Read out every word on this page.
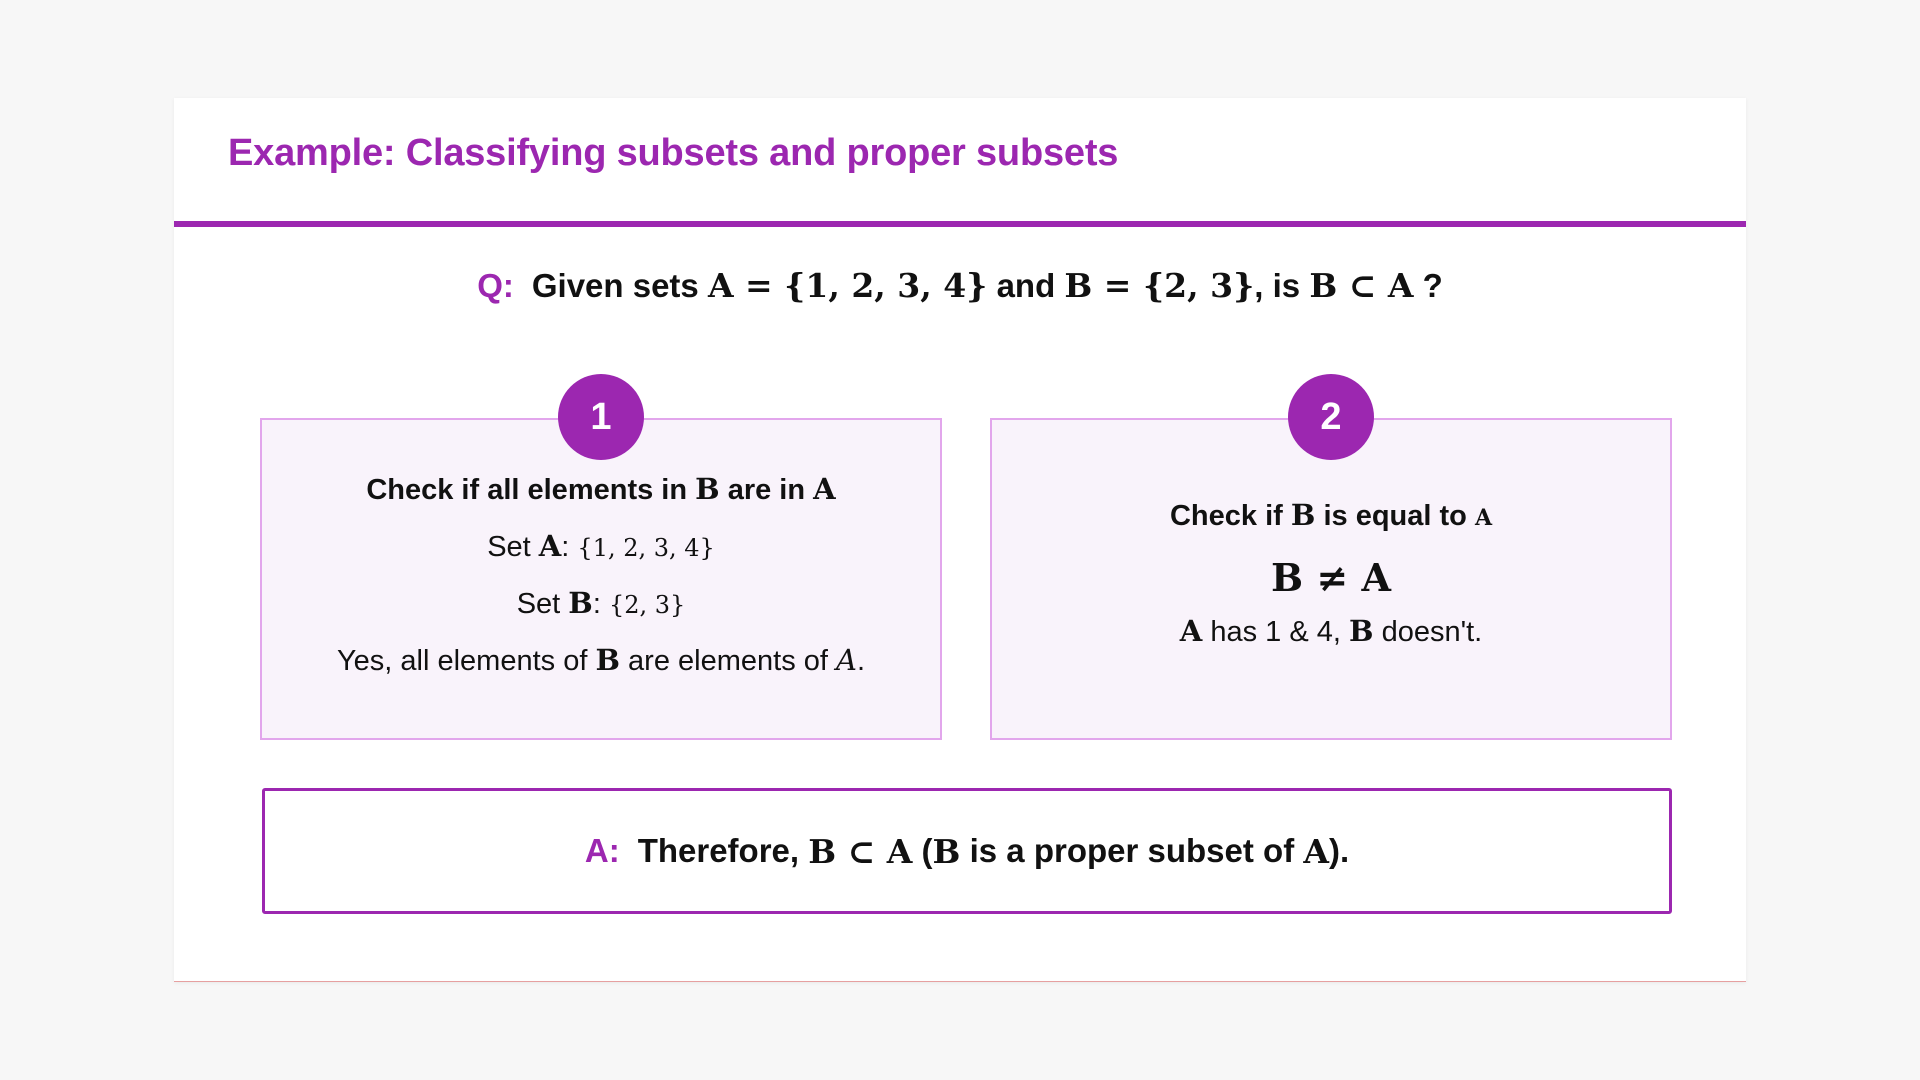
Example: Classifying subsets and proper subsets
Q: Given sets A = {1, 2, 3, 4} and B = {2, 3}, is B ⊂ A ?
1
Check if all elements in B are in A
Set A: {1, 2, 3, 4}
Set B: {2, 3}
Yes, all elements of B are elements of A.
2
Check if B is equal to A
B ≠ A
A has 1 & 4, B doesn't.
A: Therefore,
B ⊂ A
( B
is a proper subset of
A ).
